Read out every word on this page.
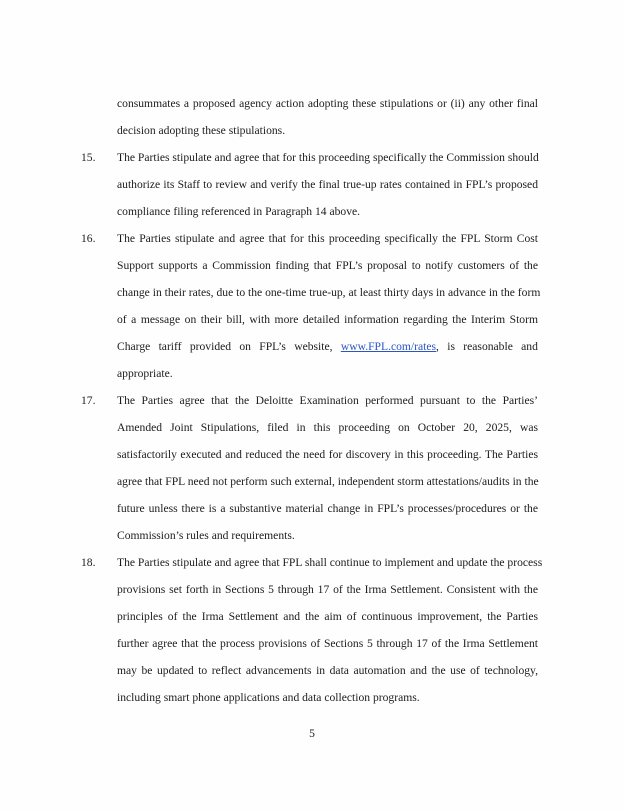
consummates a proposed agency action adopting these stipulations or (ii) any other final
decision adopting these stipulations.
15. The Parties stipulate and agree that for this proceeding specifically the Commission should
authorize its Staff to review and verify the final true-up rates contained in FPL’s proposed
compliance filing referenced in Paragraph 14 above.
16. The Parties stipulate and agree that for this proceeding specifically the FPL Storm Cost
Support supports a Commission finding that FPL’s proposal to notify customers of the
change in their rates, due to the one-time true-up, at least thirty days in advance in the form
of a message on their bill, with more detailed information regarding the Interim Storm
Charge tariff provided on FPL’s website, www.FPL.com/rates, is reasonable and
appropriate.
17. The Parties agree that the Deloitte Examination performed pursuant to the Parties’
Amended Joint Stipulations, filed in this proceeding on October 20, 2025, was
satisfactorily executed and reduced the need for discovery in this proceeding. The Parties
agree that FPL need not perform such external, independent storm attestations/audits in the
future unless there is a substantive material change in FPL’s processes/procedures or the
Commission’s rules and requirements.
18. The Parties stipulate and agree that FPL shall continue to implement and update the process
provisions set forth in Sections 5 through 17 of the Irma Settlement. Consistent with the
principles of the Irma Settlement and the aim of continuous improvement, the Parties
further agree that the process provisions of Sections 5 through 17 of the Irma Settlement
may be updated to reflect advancements in data automation and the use of technology,
including smart phone applications and data collection programs.
5
